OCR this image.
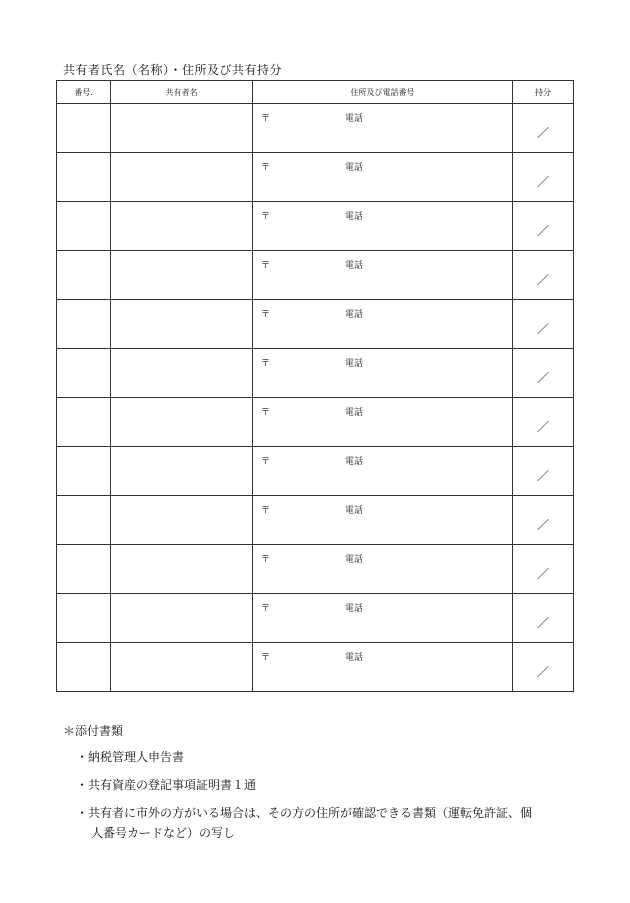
共有者氏名（名称）・住所及び共有持分
番号.	共有者名	住所及び電話番号	持分

		〒 電話	／

		〒 電話	／

		〒 電話	／

		〒 電話	／

		〒 電話	／

		〒 電話	／

		〒 電話	／

		〒 電話	／

		〒 電話	／

		〒 電話	／

		〒 電話	／

		〒 電話	／
＊添付書類
・納税管理人申告書
・共有資産の登記事項証明書１通
・共有者に市外の方がいる場合は、その方の住所が確認できる書類（運転免許証、個
人番号カードなど）の写し
